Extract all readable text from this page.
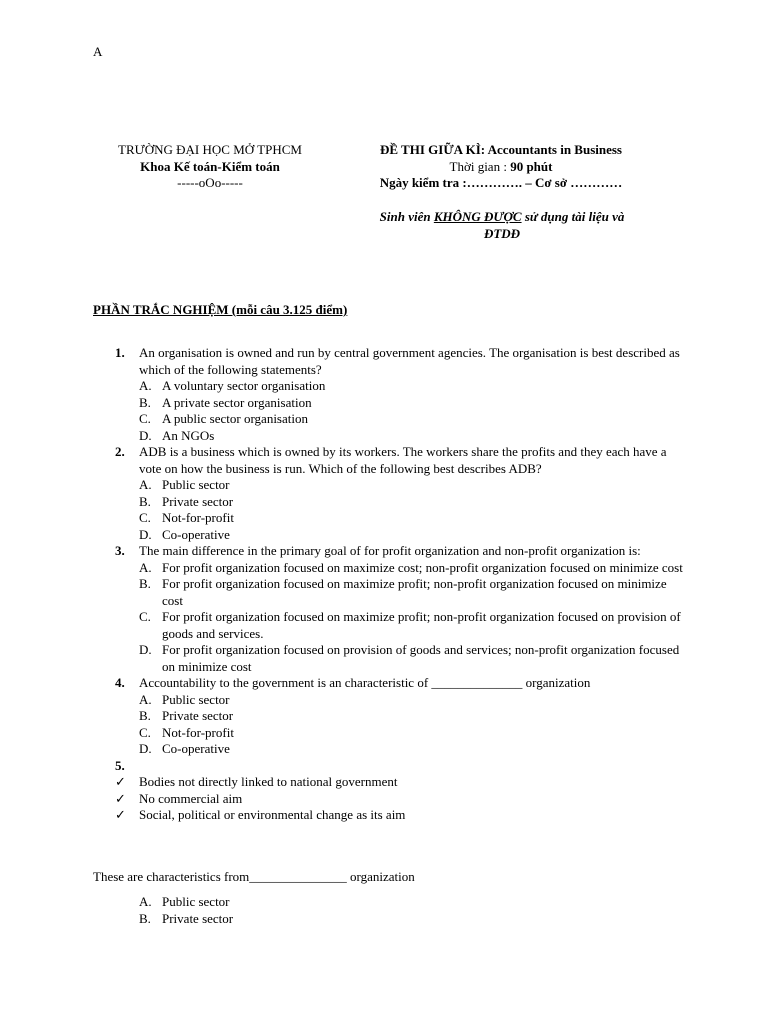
A
TRƯỜNG ĐẠI HỌC MỞ TPHCM
Khoa Kế toán-Kiểm toán
-----oOo-----
ĐỀ THI GIỮA KÌ: Accountants in Business
Thời gian : 90 phút
Ngày kiểm tra :…………. – Cơ sở …………
Sinh viên KHÔNG ĐƯỢC sử dụng tài liệu và
ĐTDĐ
PHẦN TRẮC NGHIỆM (mỗi câu 3.125 điểm)
1. An organisation is owned and run by central government agencies. The organisation is best described as which of the following statements?
A. A voluntary sector organisation
B. A private sector organisation
C. A public sector organisation
D. An NGOs
2. ADB is a business which is owned by its workers. The workers share the profits and they each have a vote on how the business is run. Which of the following best describes ADB?
A. Public sector
B. Private sector
C. Not-for-profit
D. Co-operative
3. The main difference in the primary goal of for profit organization and non-profit organization is:
A. For profit organization focused on maximize cost; non-profit organization focused on minimize cost
B. For profit organization focused on maximize profit; non-profit organization focused on minimize cost
C. For profit organization focused on maximize profit; non-profit organization focused on provision of goods and services.
D. For profit organization focused on provision of goods and services; non-profit organization focused on minimize cost
4. Accountability to the government is an characteristic of ______________ organization
A. Public sector
B. Private sector
C. Not-for-profit
D. Co-operative
5.

✓ Bodies not directly linked to national government
✓ No commercial aim
✓ Social, political or environmental change as its aim
These are characteristics from_______________ organization
A. Public sector
B. Private sector
